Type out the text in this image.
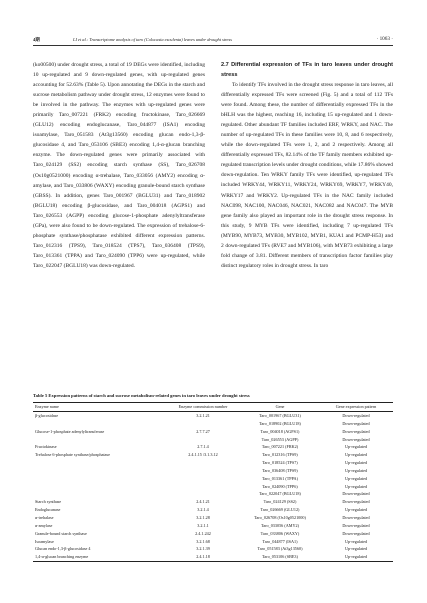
4期	LI et al.: Transcriptome analysis of taro (Colocasia esculenta) leaves under drought stress	· 1063 ·

(ko00500) under drought stress, a total of 19 DEGs were identified, including 10 up-regulated and 9 down-regulated genes, with up-regulated genes accounting for 52.63% (Table 5). Upon annotating the DEGs in the starch and sucrose metabolism pathway under drought stress, 12 enzymes were found to be involved in the pathway. The enzymes with up-regulated genes were primarily Taro_007221 (FRK2) encoding fructokinase, Taro_026669 (GLU12) encoding endoglucanase, Taro_044877 (ISA1) encoding isoamylase, Taro_051583 (At3g13560) encoding glucan endo-1,3-β-glucosidase 4, and Taro_053106 (SBE3) encoding 1,4-α-glucan branching enzyme. The down-regulated genes were primarily associated with Taro_024129 (SS2) encoding starch synthase (SS), Taro_026708 (Os10g0521000) encoding α-trehalase, Taro_033056 (AMY2) encoding α-amylase, and Taro_033806 (WAXY) encoding granule-bound starch synthase (GBSS). In addition, genes Taro_001967 (BGLU31) and Taro_018902 (BGLU18) encoding β-glucosidase, and Taro_004018 (AGPS1) and Taro_026553 (AGPP) encoding glucose-1-phosphate adenylyltransferase (GPa), were also found to be down-regulated. The expression of trehalose-6-phosphate synthase/phosphatase exhibited different expression patterns. Taro_012316 (TPS9), Taro_018524 (TPS7), Taro_036408 (TPS9), Taro_013361 (TPPA) and Taro_024090 (TPP6) were up-regulated, while Taro_022047 (BGLU18) was down-regulated.

2.7 Differential expression of TFs in taro leaves under drought stress

To identify TFs involved in the drought stress response in taro leaves, all differentially expressed TFs were screened (Fig. 5) and a total of 112 TFs were found. Among these, the number of differentially expressed TFs in the bHLH was the highest, reaching 16, including 15 up-regulated and 1 down-regulated. Other abundant TF families included ERF, WRKY, and NAC. The number of up-regulated TFs in these families were 10, 8, and 6 respectively, while the down-regulated TFs were 1, 2, and 2 respectively. Among all differentially expressed TFs, 82.14% of the TF family members exhibited up-regulated transcription levels under drought conditions, while 17.86% showed down-regulation. Ten WRKY family TFs were identified, up-regulated TFs included WRKY44, WRKY11, WRKY24, WRKY69, WRKY7, WRKY40, WRKY17 and WRKY2. Up-regulated TFs in the NAC family included NAC098, NAC100, NAC046, NAC021, NAC082 and NAC047. The MYB gene family also played an important role in the drought stress response. In this study, 9 MYB TFs were identified, including 7 up-regulated TFs (MYB90, MYB73, MYB30, MYB102, MYB1, KUA1 and PCMP-H53) and 2 down-regulated TFs (RVE7 and MYB106), with MYB73 exhibiting a large fold change of 3.81. Different members of transcription factor families play distinct regulatory roles in drought stress. In taro

Table 5 Expression patterns of starch and sucrose metabolism-related genes in taro leaves under drought stress
Enzyme name	Enzyme commission number	Gene	Gene expression pattern
β-glucosidase	3.2.1.21	Taro_001967 (BGLU31)	Down-regulated
		Taro_018902 (BGLU18)	Down-regulated
Glucose-1-phosphate adenylyltransferase	2.7.7.27	Taro_004018 (AGPS1)	Down-regulated
		Taro_026553 (AGPP)	Down-regulated
Fructokinase	2.7.1.4	Taro_007221 (FRK2)	Up-regulated
Trehalose 6-phosphate synthase/phosphatase	2.4.1.15 /3.1.3.12	Taro_012316 (TPS9)	Up-regulated
		Taro_018524 (TPS7)	Up-regulated
		Taro_036408 (TPS9)	Up-regulated
		Taro_013361 (TPPA)	Up-regulated
		Taro_024090 (TPP6)	Up-regulated
		Taro_022047 (BGLU18)	Down-regulated
Starch synthase	2.4.1.21	Taro_024129 (SS2)	Down-regulated
Endoglucanase	3.2.1.4	Taro_026669 (GLU12)	Up-regulated
α-trehalase	3.2.1.28	Taro_026708 (Os10g0521000)	Down-regulated
α-amylase	3.2.1.1	Taro_033056 (AMY2)	Down-regulated
Granule-bound starch synthase	2.4.1.242	Taro_033806 (WAXY)	Down-regulated
Isoamylase	3.2.1.68	Taro_044877 (ISA1)	Up-regulated
Glucan endo-1,3-β-glucosidase 4	3.2.1.39	Taro_051583 (At3g13560)	Up-regulated
1,4-α-glucan branching enzyme	2.4.1.18	Taro_053106 (SBE3)	Up-regulated
